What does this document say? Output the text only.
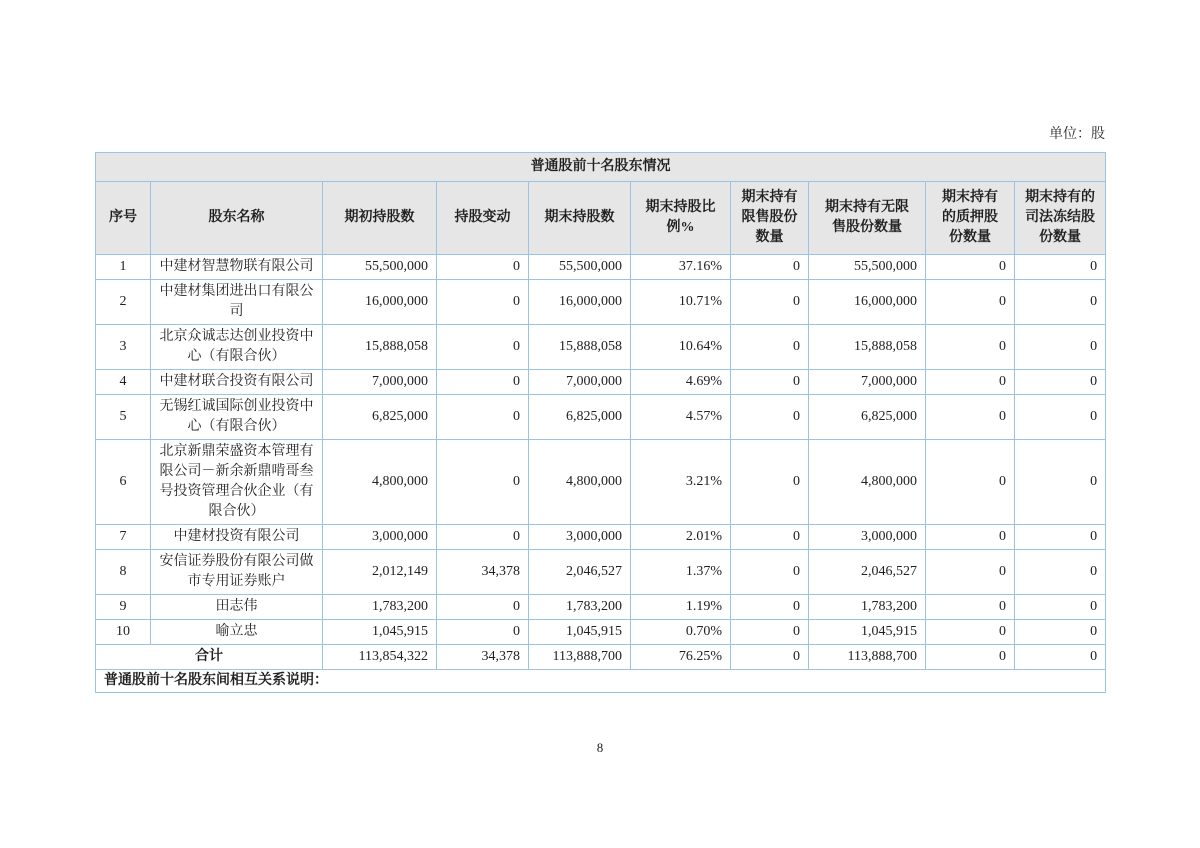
单位：股
普通股前十名股东情况									
序号	股东名称	期初持股数	持股变动	期末持股数	期末持股比例%	期末持有限售股份数量	期末持有无限售股份数量	期末持有的质押股份数量	期末持有的司法冻结股份数量
1	中建材智慧物联有限公司	55,500,000	0	55,500,000	37.16%	0	55,500,000	0	0
2	中建材集团进出口有限公司	16,000,000	0	16,000,000	10.71%	0	16,000,000	0	0
3	北京众诚志达创业投资中心（有限合伙）	15,888,058	0	15,888,058	10.64%	0	15,888,058	0	0
4	中建材联合投资有限公司	7,000,000	0	7,000,000	4.69%	0	7,000,000	0	0
5	无锡红诚国际创业投资中心（有限合伙）	6,825,000	0	6,825,000	4.57%	0	6,825,000	0	0
6	北京新鼎荣盛资本管理有限公司－新余新鼎啃哥叁号投资管理合伙企业（有限合伙）	4,800,000	0	4,800,000	3.21%	0	4,800,000	0	0
7	中建材投资有限公司	3,000,000	0	3,000,000	2.01%	0	3,000,000	0	0
8	安信证券股份有限公司做市专用证券账户	2,012,149	34,378	2,046,527	1.37%	0	2,046,527	0	0
9	田志伟	1,783,200	0	1,783,200	1.19%	0	1,783,200	0	0
10	喻立忠	1,045,915	0	1,045,915	0.70%	0	1,045,915	0	0
合计		113,854,322	34,378	113,888,700	76.25%	0	113,888,700	0	0
普通股前十名股东间相互关系说明：									
8
